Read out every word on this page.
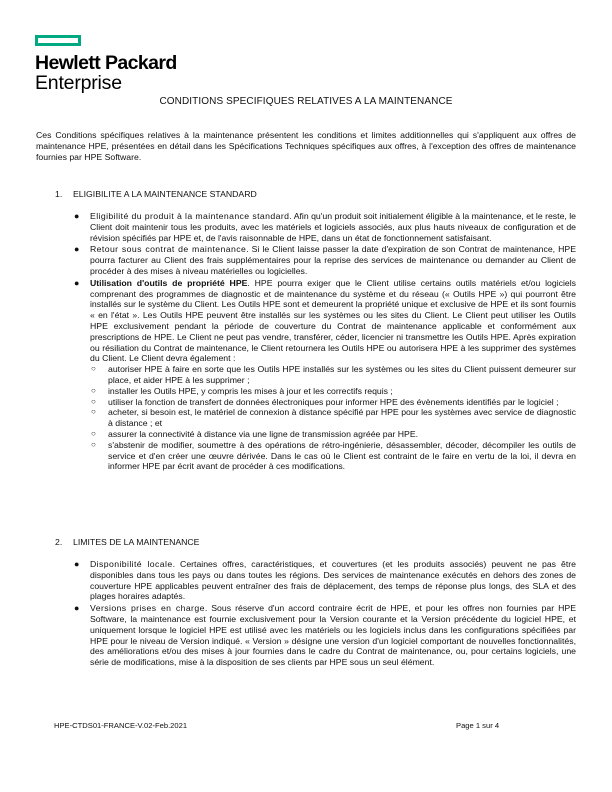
Hewlett Packard
Enterprise
CONDITIONS SPECIFIQUES RELATIVES A LA MAINTENANCE
Ces Conditions spécifiques relatives à la maintenance présentent les conditions et limites additionnelles qui s'appliquent aux offres de maintenance HPE, présentées en détail dans les Spécifications Techniques spécifiques aux offres, à l'exception des offres de maintenance fournies par HPE Software.
1. ELIGIBILITE A LA MAINTENANCE STANDARD
● Eligibilité du produit à la maintenance standard. Afin qu'un produit soit initialement éligible à la maintenance, et le reste, le Client doit maintenir tous les produits, avec les matériels et logiciels associés, aux plus hauts niveaux de configuration et de révision spécifiés par HPE et, de l'avis raisonnable de HPE, dans un état de fonctionnement satisfaisant.
● Retour sous contrat de maintenance. Si le Client laisse passer la date d'expiration de son Contrat de maintenance, HPE pourra facturer au Client des frais supplémentaires pour la reprise des services de maintenance ou demander au Client de procéder à des mises à niveau matérielles ou logicielles.
● Utilisation d'outils de propriété HPE. HPE pourra exiger que le Client utilise certains outils matériels et/ou logiciels comprenant des programmes de diagnostic et de maintenance du système et du réseau (« Outils HPE ») qui pourront être installés sur le système du Client. Les Outils HPE sont et demeurent la propriété unique et exclusive de HPE et ils sont fournis « en l'état ». Les Outils HPE peuvent être installés sur les systèmes ou les sites du Client. Le Client peut utiliser les Outils HPE exclusivement pendant la période de couverture du Contrat de maintenance applicable et conformément aux prescriptions de HPE. Le Client ne peut pas vendre, transférer, céder, licencier ni transmettre les Outils HPE. Après expiration ou résiliation du Contrat de maintenance, le Client retournera les Outils HPE ou autorisera HPE à les supprimer des systèmes du Client. Le Client devra également :
○ autoriser HPE à faire en sorte que les Outils HPE installés sur les systèmes ou les sites du Client puissent demeurer sur place, et aider HPE à les supprimer ;
○ installer les Outils HPE, y compris les mises à jour et les correctifs requis ;
○ utiliser la fonction de transfert de données électroniques pour informer HPE des évènements identifiés par le logiciel ;
○ acheter, si besoin est, le matériel de connexion à distance spécifié par HPE pour les systèmes avec service de diagnostic à distance ; et
○ assurer la connectivité à distance via une ligne de transmission agréée par HPE.
○ s'abstenir de modifier, soumettre à des opérations de rétro-ingénierie, désassembler, décoder, décompiler les outils de service et d'en créer une œuvre dérivée. Dans le cas où le Client est contraint de le faire en vertu de la loi, il devra en informer HPE par écrit avant de procéder à ces modifications.
2. LIMITES DE LA MAINTENANCE
● Disponibilité locale. Certaines offres, caractéristiques, et couvertures (et les produits associés) peuvent ne pas être disponibles dans tous les pays ou dans toutes les régions. Des services de maintenance exécutés en dehors des zones de couverture HPE applicables peuvent entraîner des frais de déplacement, des temps de réponse plus longs, des SLA et des plages horaires adaptés.
● Versions prises en charge. Sous réserve d'un accord contraire écrit de HPE, et pour les offres non fournies par HPE Software, la maintenance est fournie exclusivement pour la Version courante et la Version précédente du logiciel HPE, et uniquement lorsque le logiciel HPE est utilisé avec les matériels ou les logiciels inclus dans les configurations spécifiées par HPE pour le niveau de Version indiqué. « Version » désigne une version d'un logiciel comportant de nouvelles fonctionnalités, des améliorations et/ou des mises à jour fournies dans le cadre du Contrat de maintenance, ou, pour certains logiciels, une série de modifications, mise à la disposition de ses clients par HPE sous un seul élément.
HPE-CTDS01-FRANCE-V.02-Feb.2021	Page 1 sur 4
